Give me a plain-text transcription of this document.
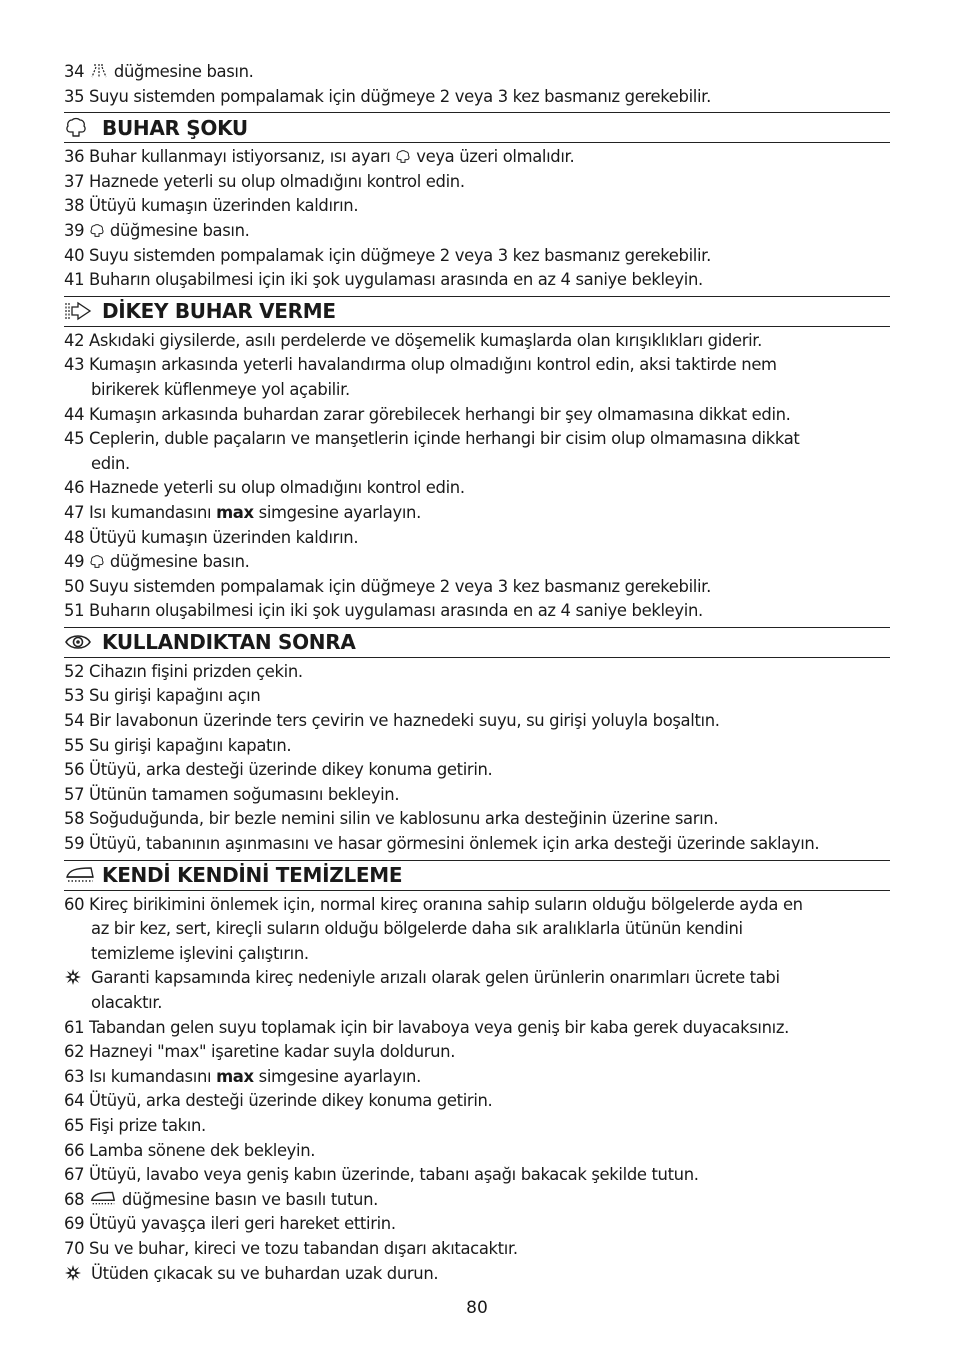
34 düğmesine basın.
35 Suyu sistemden pompalamak için düğmeye 2 veya 3 kez basmanız gerekebilir.
BUHAR ŞOKU
36 Buhar kullanmayı istiyorsanız, ısı ayarı veya üzeri olmalıdır.
37 Haznede yeterli su olup olmadığını kontrol edin.
38 Ütüyü kumaşın üzerinden kaldırın.
39 düğmesine basın.
40 Suyu sistemden pompalamak için düğmeye 2 veya 3 kez basmanız gerekebilir.
41 Buharın oluşabilmesi için iki şok uygulaması arasında en az 4 saniye bekleyin.
DİKEY BUHAR VERME
42 Askıdaki giysilerde, asılı perdelerde ve döşemelik kumaşlarda olan kırışıklıkları giderir.
43 Kumaşın arkasında yeterli havalandırma olup olmadığını kontrol edin, aksi taktirde nem
birikerek küflenmeye yol açabilir.
44 Kumaşın arkasında buhardan zarar görebilecek herhangi bir şey olmamasına dikkat edin.
45 Ceplerin, duble paçaların ve manşetlerin içinde herhangi bir cisim olup olmamasına dikkat
edin.
46 Haznede yeterli su olup olmadığını kontrol edin.
47 Isı kumandasını max simgesine ayarlayın.
48 Ütüyü kumaşın üzerinden kaldırın.
49 düğmesine basın.
50 Suyu sistemden pompalamak için düğmeye 2 veya 3 kez basmanız gerekebilir.
51 Buharın oluşabilmesi için iki şok uygulaması arasında en az 4 saniye bekleyin.
KULLANDIKTAN SONRA
52 Cihazın fişini prizden çekin.
53 Su girişi kapağını açın
54 Bir lavabonun üzerinde ters çevirin ve haznedeki suyu, su girişi yoluyla boşaltın.
55 Su girişi kapağını kapatın.
56 Ütüyü, arka desteği üzerinde dikey konuma getirin.
57 Ütünün tamamen soğumasını bekleyin.
58 Soğuduğunda, bir bezle nemini silin ve kablosunu arka desteğinin üzerine sarın.
59 Ütüyü, tabanının aşınmasını ve hasar görmesini önlemek için arka desteği üzerinde saklayın.
KENDİ KENDİNİ TEMİZLEME
60 Kireç birikimini önlemek için, normal kireç oranına sahip suların olduğu bölgelerde ayda en
az bir kez, sert, kireçli suların olduğu bölgelerde daha sık aralıklarla ütünün kendini
temizleme işlevini çalıştırın.
Garanti kapsamında kireç nedeniyle arızalı olarak gelen ürünlerin onarımları ücrete tabi
olacaktır.
61 Tabandan gelen suyu toplamak için bir lavaboya veya geniş bir kaba gerek duyacaksınız.
62 Hazneyi "max" işaretine kadar suyla doldurun.
63 Isı kumandasını max simgesine ayarlayın.
64 Ütüyü, arka desteği üzerinde dikey konuma getirin.
65 Fişi prize takın.
66 Lamba sönene dek bekleyin.
67 Ütüyü, lavabo veya geniş kabın üzerinde, tabanı aşağı bakacak şekilde tutun.
68 düğmesine basın ve basılı tutun.
69 Ütüyü yavaşça ileri geri hareket ettirin.
70 Su ve buhar, kireci ve tozu tabandan dışarı akıtacaktır.
Ütüden çıkacak su ve buhardan uzak durun.
80
